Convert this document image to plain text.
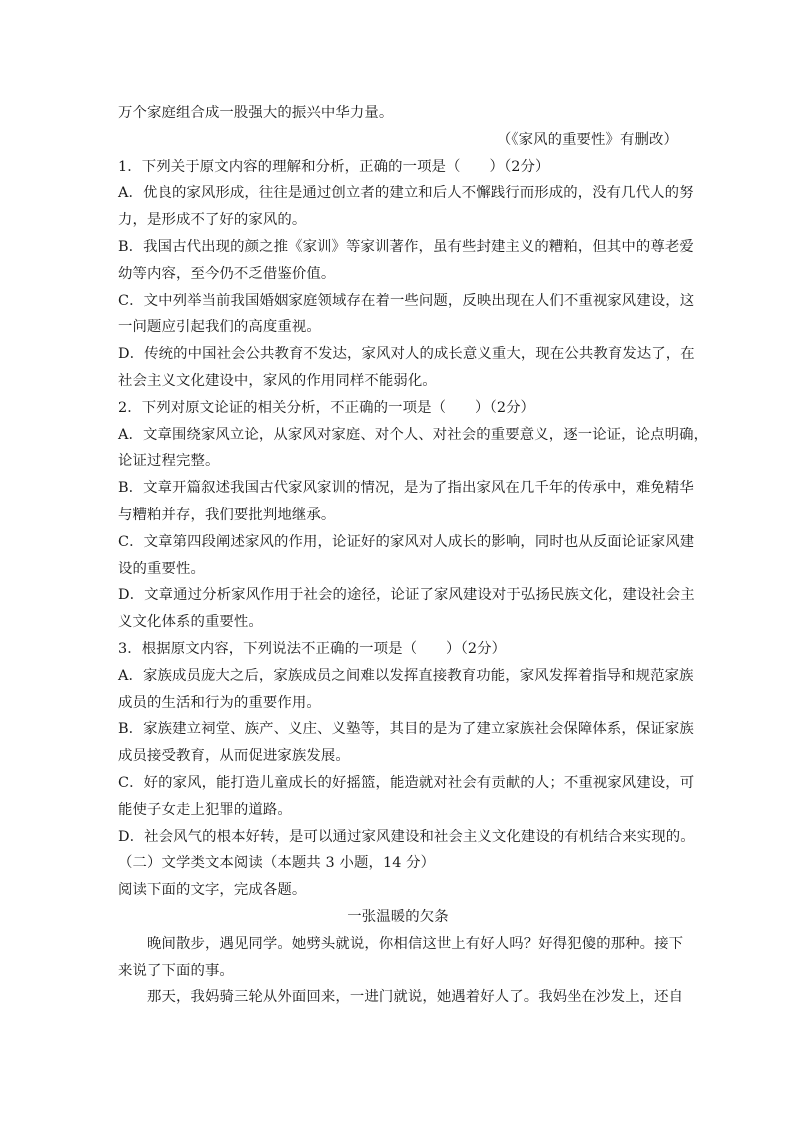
万个家庭组合成一股强大的振兴中华力量。

（《家风的重要性》有删改）

1．下列关于原文内容的理解和分析，正确的一项是（　　）（2分）

A．优良的家风形成，往往是通过创立者的建立和后人不懈践行而形成的，没有几代人的努

力，是形成不了好的家风的。

B．我国古代出现的颜之推《家训》等家训著作，虽有些封建主义的糟粕，但其中的尊老爱

幼等内容，至今仍不乏借鉴价值。

C．文中列举当前我国婚姻家庭领域存在着一些问题，反映出现在人们不重视家风建设，这

一问题应引起我们的高度重视。

D．传统的中国社会公共教育不发达，家风对人的成长意义重大，现在公共教育发达了，在

社会主义文化建设中，家风的作用同样不能弱化。

2．下列对原文论证的相关分析，不正确的一项是（　　）（2分）

A．文章围绕家风立论，从家风对家庭、对个人、对社会的重要意义，逐一论证，论点明确，

论证过程完整。

B．文章开篇叙述我国古代家风家训的情况，是为了指出家风在几千年的传承中，难免精华

与糟粕并存，我们要批判地继承。

C．文章第四段阐述家风的作用，论证好的家风对人成长的影响，同时也从反面论证家风建

设的重要性。

D．文章通过分析家风作用于社会的途径，论证了家风建设对于弘扬民族文化，建设社会主

义文化体系的重要性。

3．根据原文内容，下列说法不正确的一项是（　　）（2分）

A．家族成员庞大之后，家族成员之间难以发挥直接教育功能，家风发挥着指导和规范家族

成员的生活和行为的重要作用。

B．家族建立祠堂、族产、义庄、义塾等，其目的是为了建立家族社会保障体系，保证家族

成员接受教育，从而促进家族发展。

C．好的家风，能打造儿童成长的好摇篮，能造就对社会有贡献的人；不重视家风建设，可

能使子女走上犯罪的道路。

D．社会风气的根本好转，是可以通过家风建设和社会主义文化建设的有机结合来实现的。

（二）文学类文本阅读（本题共 3 小题，14 分）

阅读下面的文字，完成各题。

一张温暖的欠条

晚间散步，遇见同学。她劈头就说，你相信这世上有好人吗？好得犯傻的那种。接下

来说了下面的事。

那天，我妈骑三轮从外面回来，一进门就说，她遇着好人了。我妈坐在沙发上，还自
